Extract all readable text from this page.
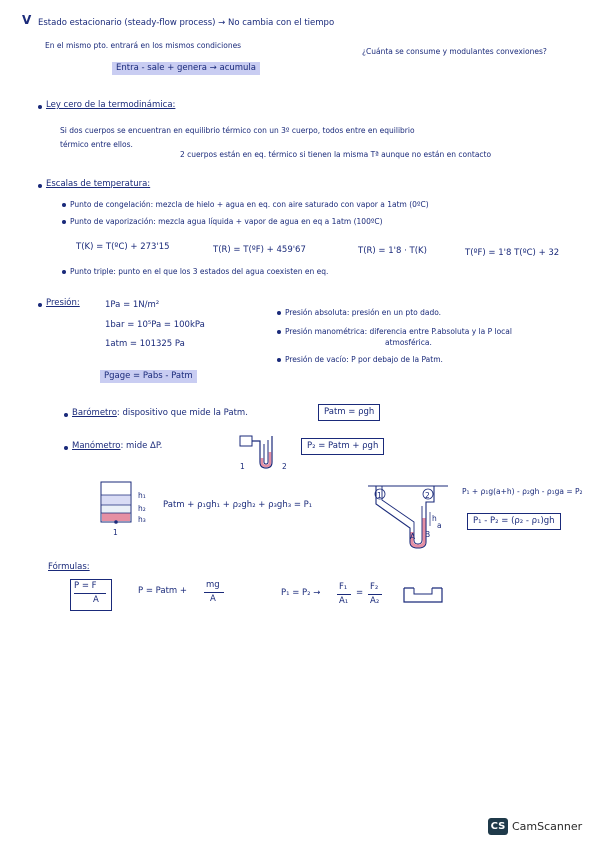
V Estado estacionario (steady-flow process) → No cambia con el tiempo
En el mismo pto. entrará en los mismos condiciones
¿Cuánta se consume y modulantes convexiones?
Entra - sale + genera → acumula
Ley cero de la termodinámica:
Si dos cuerpos se encuentran en equilibrio térmico con un 3º cuerpo, todos entre en equilibrio
térmico entre ellos.
2 cuerpos están en eq. térmico si tienen la misma Tª aunque no están en contacto
Escalas de temperatura:
Punto de congelación: mezcla de hielo + agua en eq. con aire saturado con vapor a 1atm (0ºC)
Punto de vaporización: mezcla agua líquida + vapor de agua en eq a 1atm (100ºC)
T(K) = T(ºC) + 273'15	T(R) = T(ºF) + 459'67	T(R) = 1'8 · T(K)	T(ºF) = 1'8 T(ºC) + 32
Punto triple: punto en el que los 3 estados del agua coexisten en eq.
Presión:	1Pa = 1N/m²
1bar = 10⁵Pa = 100kPa
1atm = 101325 Pa
Pgage = Pabs - Patm
Presión absoluta: presión en un pto dado.
Presión manométrica: diferencia entre P.absoluta y la P local
atmosférica.
Presión de vacío: P por debajo de la Patm.
Barómetro: dispositivo que mide la Patm.	Patm = ρgh
Manómetro: mide ΔP.
1	2
P₂ = Patm + ρgh
h₁
h₂
h₃
1
Patm + ρ₁gh₁ + ρ₂gh₂ + ρ₃gh₃ = P₁
1	2
A B
h
a
P₁ + ρ₁g(a+h) - ρ₂gh - ρ₁ga = P₂
P₁ - P₂ = (ρ₂ - ρ₁)gh
Fórmulas:
P = F
A
P = Patm +
mg
A
P₁ = P₂ →
F₁
A₁
=
F₂
A₂
CS CamScanner
